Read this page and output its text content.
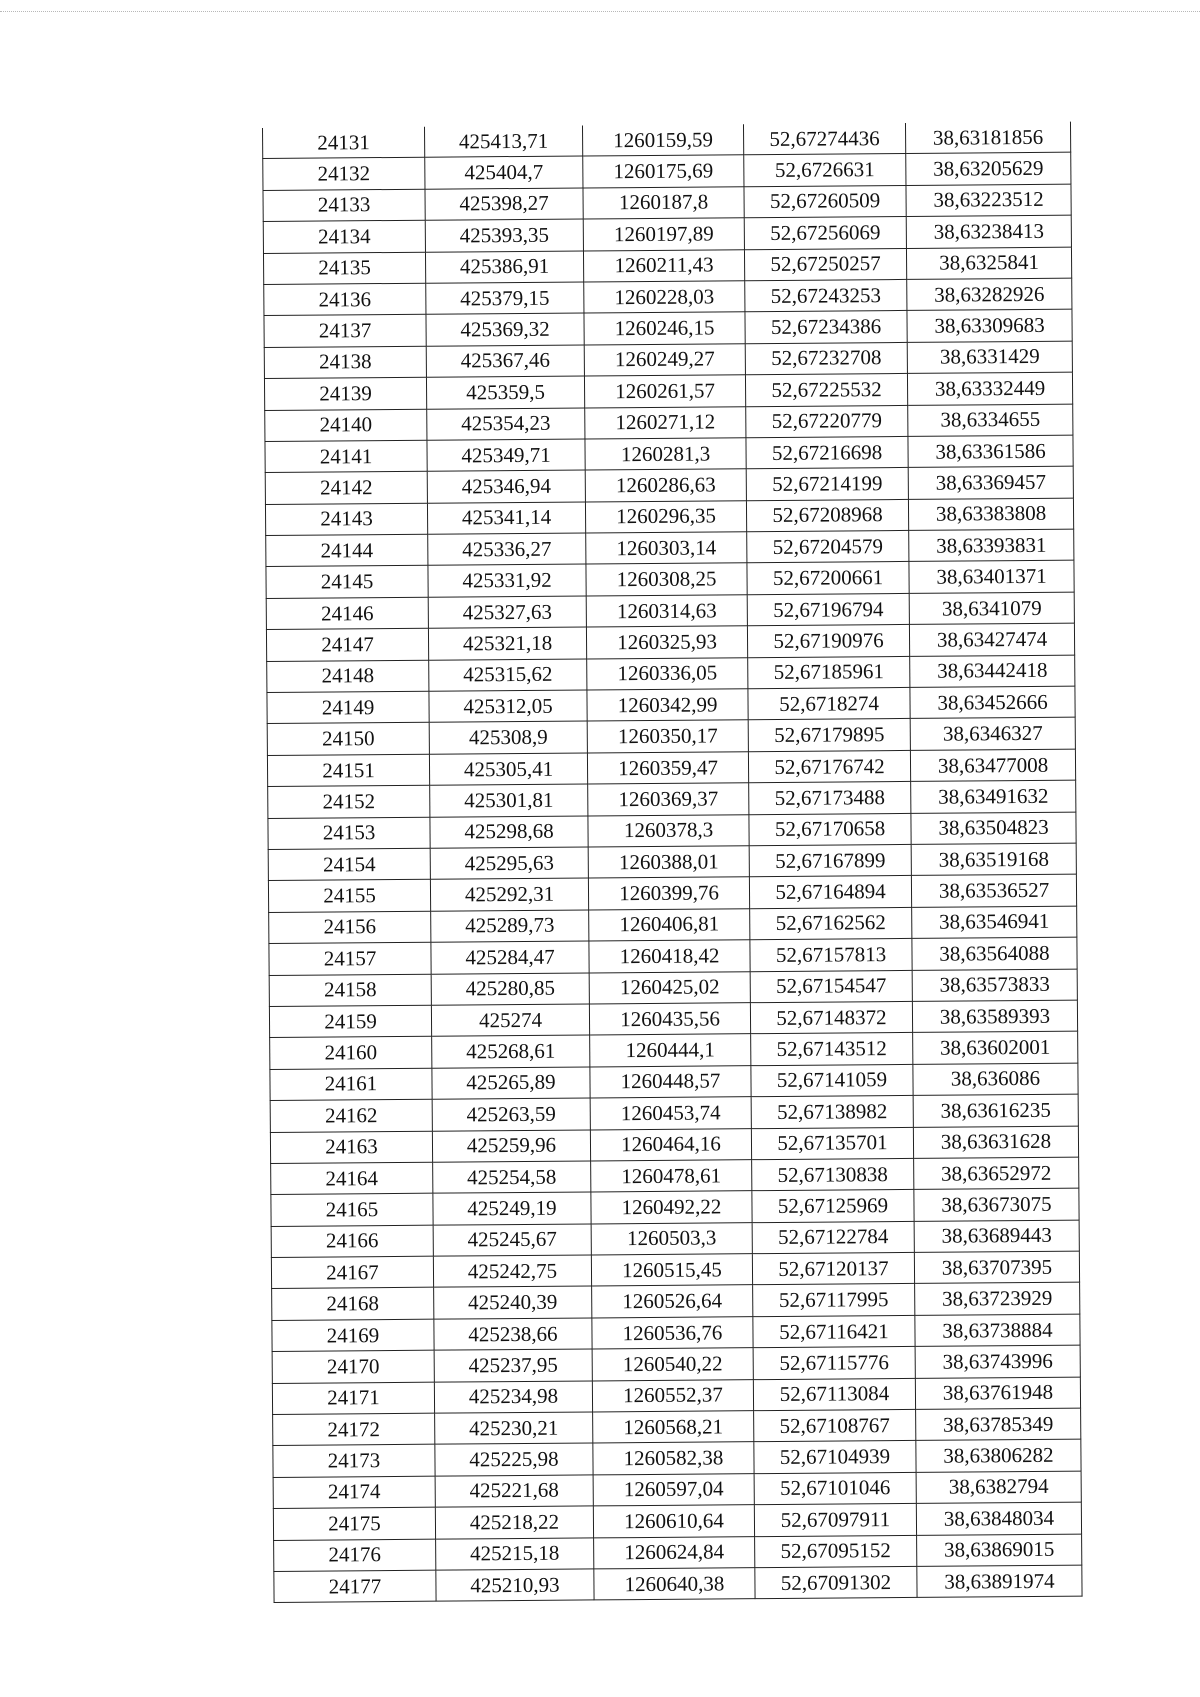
24131	425413,71	1260159,59	52,67274436	38,63181856
24132	425404,7	1260175,69	52,6726631	38,63205629
24133	425398,27	1260187,8	52,67260509	38,63223512
24134	425393,35	1260197,89	52,67256069	38,63238413
24135	425386,91	1260211,43	52,67250257	38,6325841
24136	425379,15	1260228,03	52,67243253	38,63282926
24137	425369,32	1260246,15	52,67234386	38,63309683
24138	425367,46	1260249,27	52,67232708	38,6331429
24139	425359,5	1260261,57	52,67225532	38,63332449
24140	425354,23	1260271,12	52,67220779	38,6334655
24141	425349,71	1260281,3	52,67216698	38,63361586
24142	425346,94	1260286,63	52,67214199	38,63369457
24143	425341,14	1260296,35	52,67208968	38,63383808
24144	425336,27	1260303,14	52,67204579	38,63393831
24145	425331,92	1260308,25	52,67200661	38,63401371
24146	425327,63	1260314,63	52,67196794	38,6341079
24147	425321,18	1260325,93	52,67190976	38,63427474
24148	425315,62	1260336,05	52,67185961	38,63442418
24149	425312,05	1260342,99	52,6718274	38,63452666
24150	425308,9	1260350,17	52,67179895	38,6346327
24151	425305,41	1260359,47	52,67176742	38,63477008
24152	425301,81	1260369,37	52,67173488	38,63491632
24153	425298,68	1260378,3	52,67170658	38,63504823
24154	425295,63	1260388,01	52,67167899	38,63519168
24155	425292,31	1260399,76	52,67164894	38,63536527
24156	425289,73	1260406,81	52,67162562	38,63546941
24157	425284,47	1260418,42	52,67157813	38,63564088
24158	425280,85	1260425,02	52,67154547	38,63573833
24159	425274	1260435,56	52,67148372	38,63589393
24160	425268,61	1260444,1	52,67143512	38,63602001
24161	425265,89	1260448,57	52,67141059	38,636086
24162	425263,59	1260453,74	52,67138982	38,63616235
24163	425259,96	1260464,16	52,67135701	38,63631628
24164	425254,58	1260478,61	52,67130838	38,63652972
24165	425249,19	1260492,22	52,67125969	38,63673075
24166	425245,67	1260503,3	52,67122784	38,63689443
24167	425242,75	1260515,45	52,67120137	38,63707395
24168	425240,39	1260526,64	52,67117995	38,63723929
24169	425238,66	1260536,76	52,67116421	38,63738884
24170	425237,95	1260540,22	52,67115776	38,63743996
24171	425234,98	1260552,37	52,67113084	38,63761948
24172	425230,21	1260568,21	52,67108767	38,63785349
24173	425225,98	1260582,38	52,67104939	38,63806282
24174	425221,68	1260597,04	52,67101046	38,6382794
24175	425218,22	1260610,64	52,67097911	38,63848034
24176	425215,18	1260624,84	52,67095152	38,63869015
24177	425210,93	1260640,38	52,67091302	38,63891974
